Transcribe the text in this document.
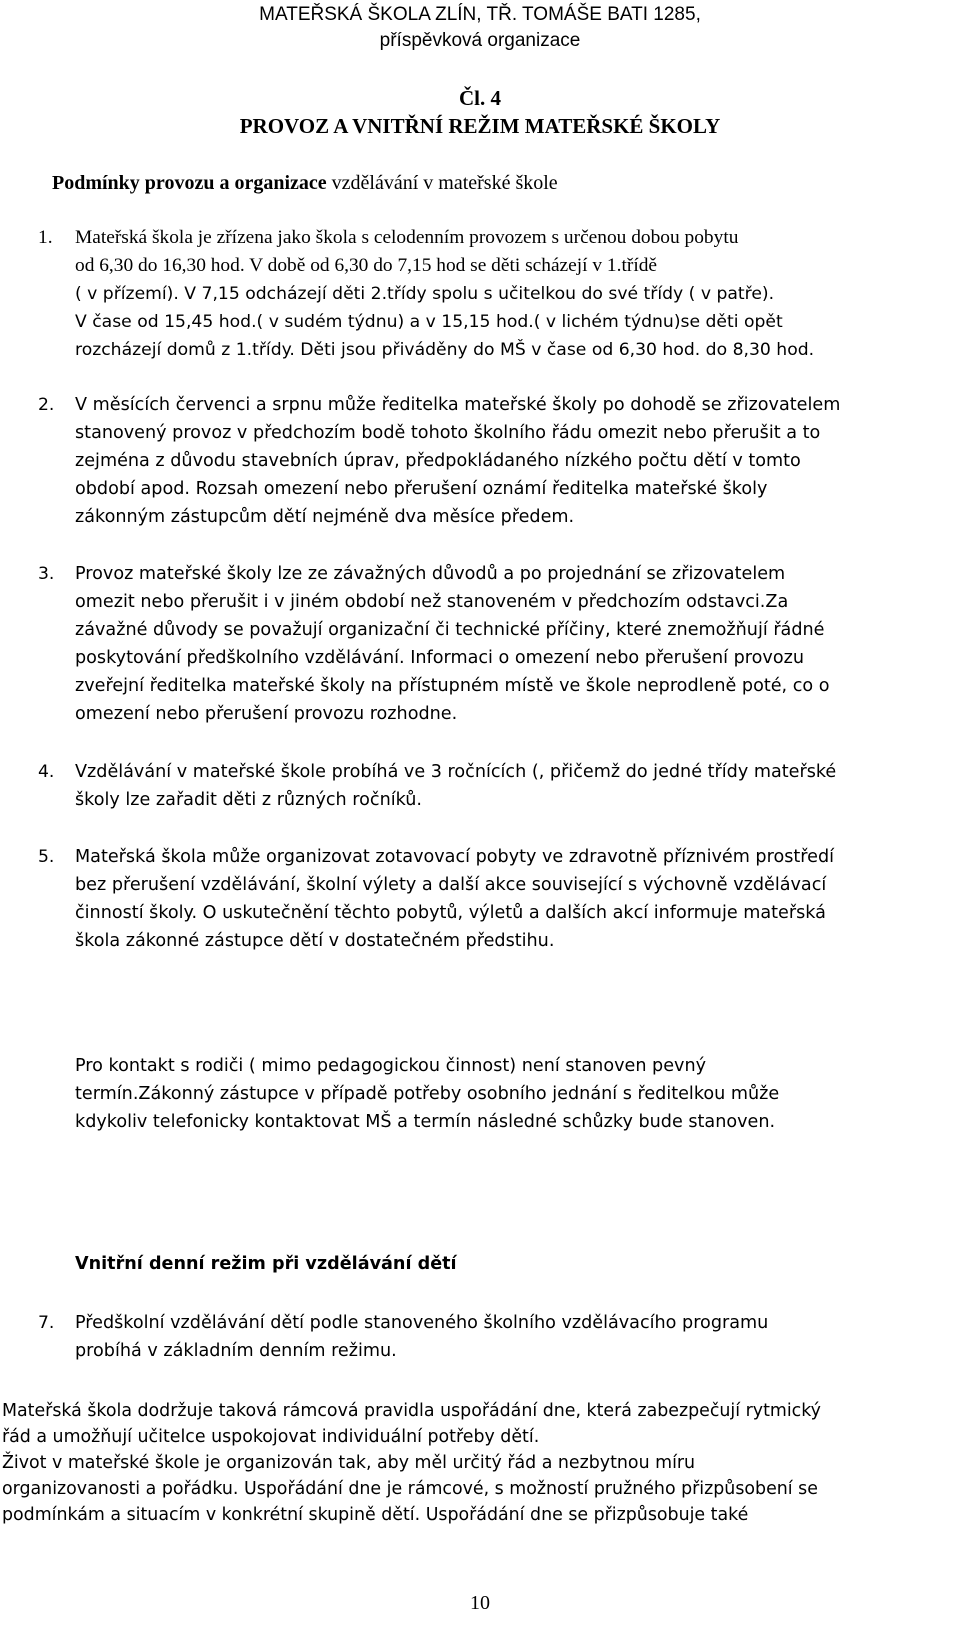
MATEŘSKÁ ŠKOLA ZLÍN, TŘ. TOMÁŠE BATI 1285,
příspěvková organizace
Čl. 4
PROVOZ A VNITŘNÍ REŽIM MATEŘSKÉ ŠKOLY
Podmínky provozu a organizace vzdělávání v mateřské škole
1. Mateřská škola je zřízena jako škola s celodenním provozem s určenou dobou pobytu
od 6,30 do 16,30 hod. V době od 6,30 do 7,15 hod se děti scházejí v 1.třídě
( v přízemí). V 7,15 odcházejí děti 2.třídy spolu s učitelkou do své třídy ( v patře).
V čase od 15,45 hod.( v sudém týdnu) a v 15,15 hod.( v lichém týdnu)se děti opět
rozcházejí domů z 1.třídy. Děti jsou přiváděny do MŠ v čase od 6,30 hod. do 8,30 hod.
2. V měsících červenci a srpnu může ředitelka mateřské školy po dohodě se zřizovatelem
stanovený provoz v předchozím bodě tohoto školního řádu omezit nebo přerušit a to
zejména z důvodu stavebních úprav, předpokládaného nízkého počtu dětí v tomto
období apod. Rozsah omezení nebo přerušení oznámí ředitelka mateřské školy
zákonným zástupcům dětí nejméně dva měsíce předem.
3. Provoz mateřské školy lze ze závažných důvodů a po projednání se zřizovatelem
omezit nebo přerušit i v jiném období než stanoveném v předchozím odstavci.Za
závažné důvody se považují organizační či technické příčiny, které znemožňují řádné
poskytování předškolního vzdělávání. Informaci o omezení nebo přerušení provozu
zveřejní ředitelka mateřské školy na přístupném místě ve škole neprodleně poté, co o
omezení nebo přerušení provozu rozhodne.
4. Vzdělávání v mateřské škole probíhá ve 3 ročnících (, přičemž do jedné třídy mateřské
školy lze zařadit děti z různých ročníků.
5. Mateřská škola může organizovat zotavovací pobyty ve zdravotně příznivém prostředí
bez přerušení vzdělávání, školní výlety a další akce související s výchovně vzdělávací
činností školy. O uskutečnění těchto pobytů, výletů a dalších akcí informuje mateřská
škola zákonné zástupce dětí v dostatečném předstihu.
Pro kontakt s rodiči ( mimo pedagogickou činnost) není stanoven pevný
termín.Zákonný zástupce v případě potřeby osobního jednání s ředitelkou může
kdykoliv telefonicky kontaktovat MŠ a termín následné schůzky bude stanoven.
Vnitřní denní režim při vzdělávání dětí
7. Předškolní vzdělávání dětí podle stanoveného školního vzdělávacího programu
probíhá v základním denním režimu.
Mateřská škola dodržuje taková rámcová pravidla uspořádání dne, která zabezpečují rytmický
řád a umožňují učitelce uspokojovat individuální potřeby dětí.
Život v mateřské škole je organizován tak, aby měl určitý řád a nezbytnou míru
organizovanosti a pořádku. Uspořádání dne je rámcové, s možností pružného přizpůsobení se
podmínkám a situacím v konkrétní skupině dětí. Uspořádání dne se přizpůsobuje také
10
